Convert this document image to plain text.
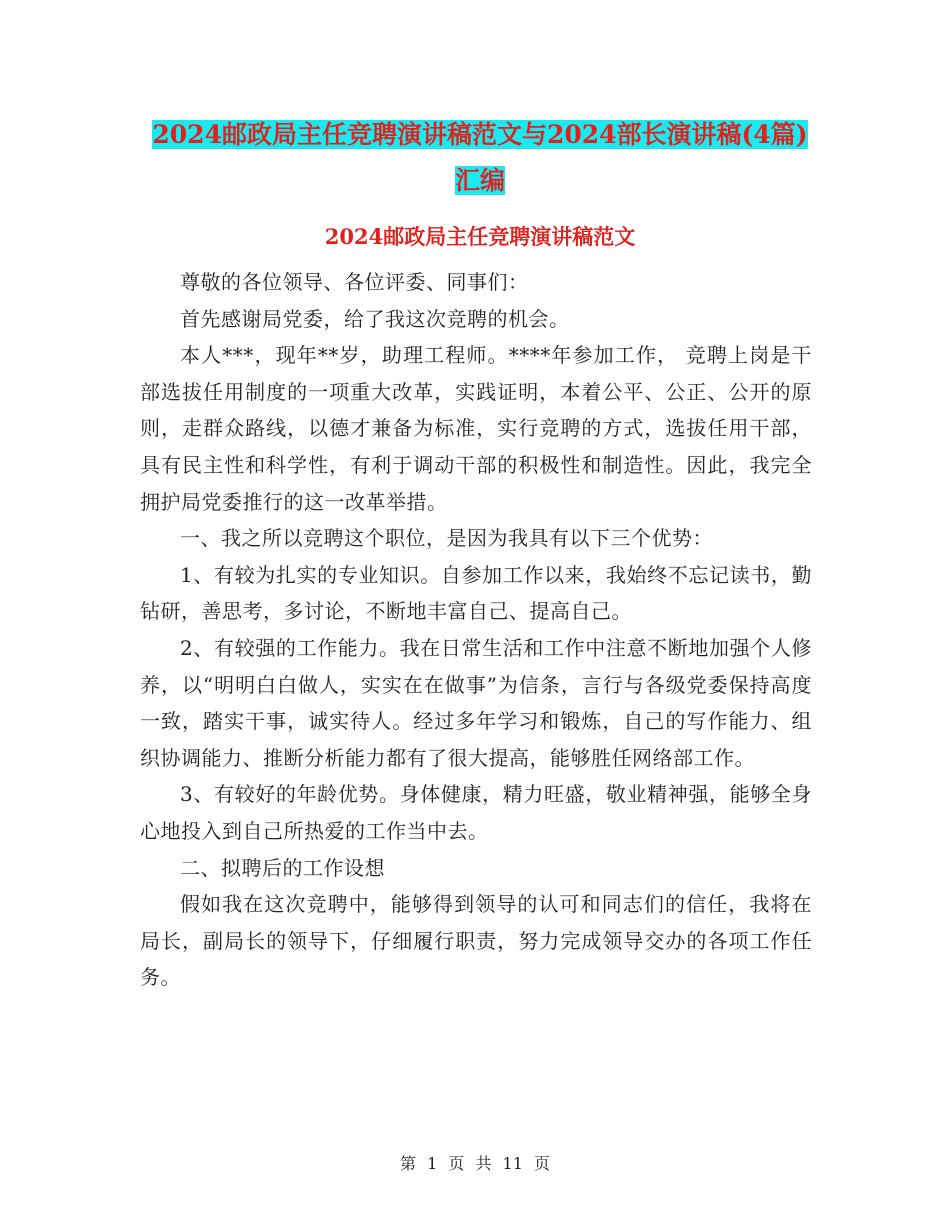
2024邮政局主任竞聘演讲稿范文与2024部长演讲稿(4篇)汇编
2024邮政局主任竞聘演讲稿范文

尊敬的各位领导、各位评委、同事们：

首先感谢局党委，给了我这次竞聘的机会。

本人***，现年**岁，助理工程师。****年参加工作， 竞聘上岗是干部选拔任用制度的一项重大改革，实践证明，本着公平、公正、公开的原则，走群众路线，以德才兼备为标准，实行竞聘的方式，选拔任用干部，具有民主性和科学性，有利于调动干部的积极性和制造性。因此，我完全拥护局党委推行的这一改革举措。

一、我之所以竞聘这个职位，是因为我具有以下三个优势：

1、有较为扎实的专业知识。自参加工作以来，我始终不忘记读书，勤钻研，善思考，多讨论，不断地丰富自己、提高自己。

2、有较强的工作能力。我在日常生活和工作中注意不断地加强个人修养，以“明明白白做人，实实在在做事”为信条，言行与各级党委保持高度一致，踏实干事，诚实待人。经过多年学习和锻炼，自己的写作能力、组织协调能力、推断分析能力都有了很大提高，能够胜任网络部工作。

3、有较好的年龄优势。身体健康，精力旺盛，敬业精神强，能够全身心地投入到自己所热爱的工作当中去。

二、拟聘后的工作设想

假如我在这次竞聘中，能够得到领导的认可和同志们的信任，我将在局长，副局长的领导下，仔细履行职责，努力完成领导交办的各项工作任务。

第 1 页 共 11 页
